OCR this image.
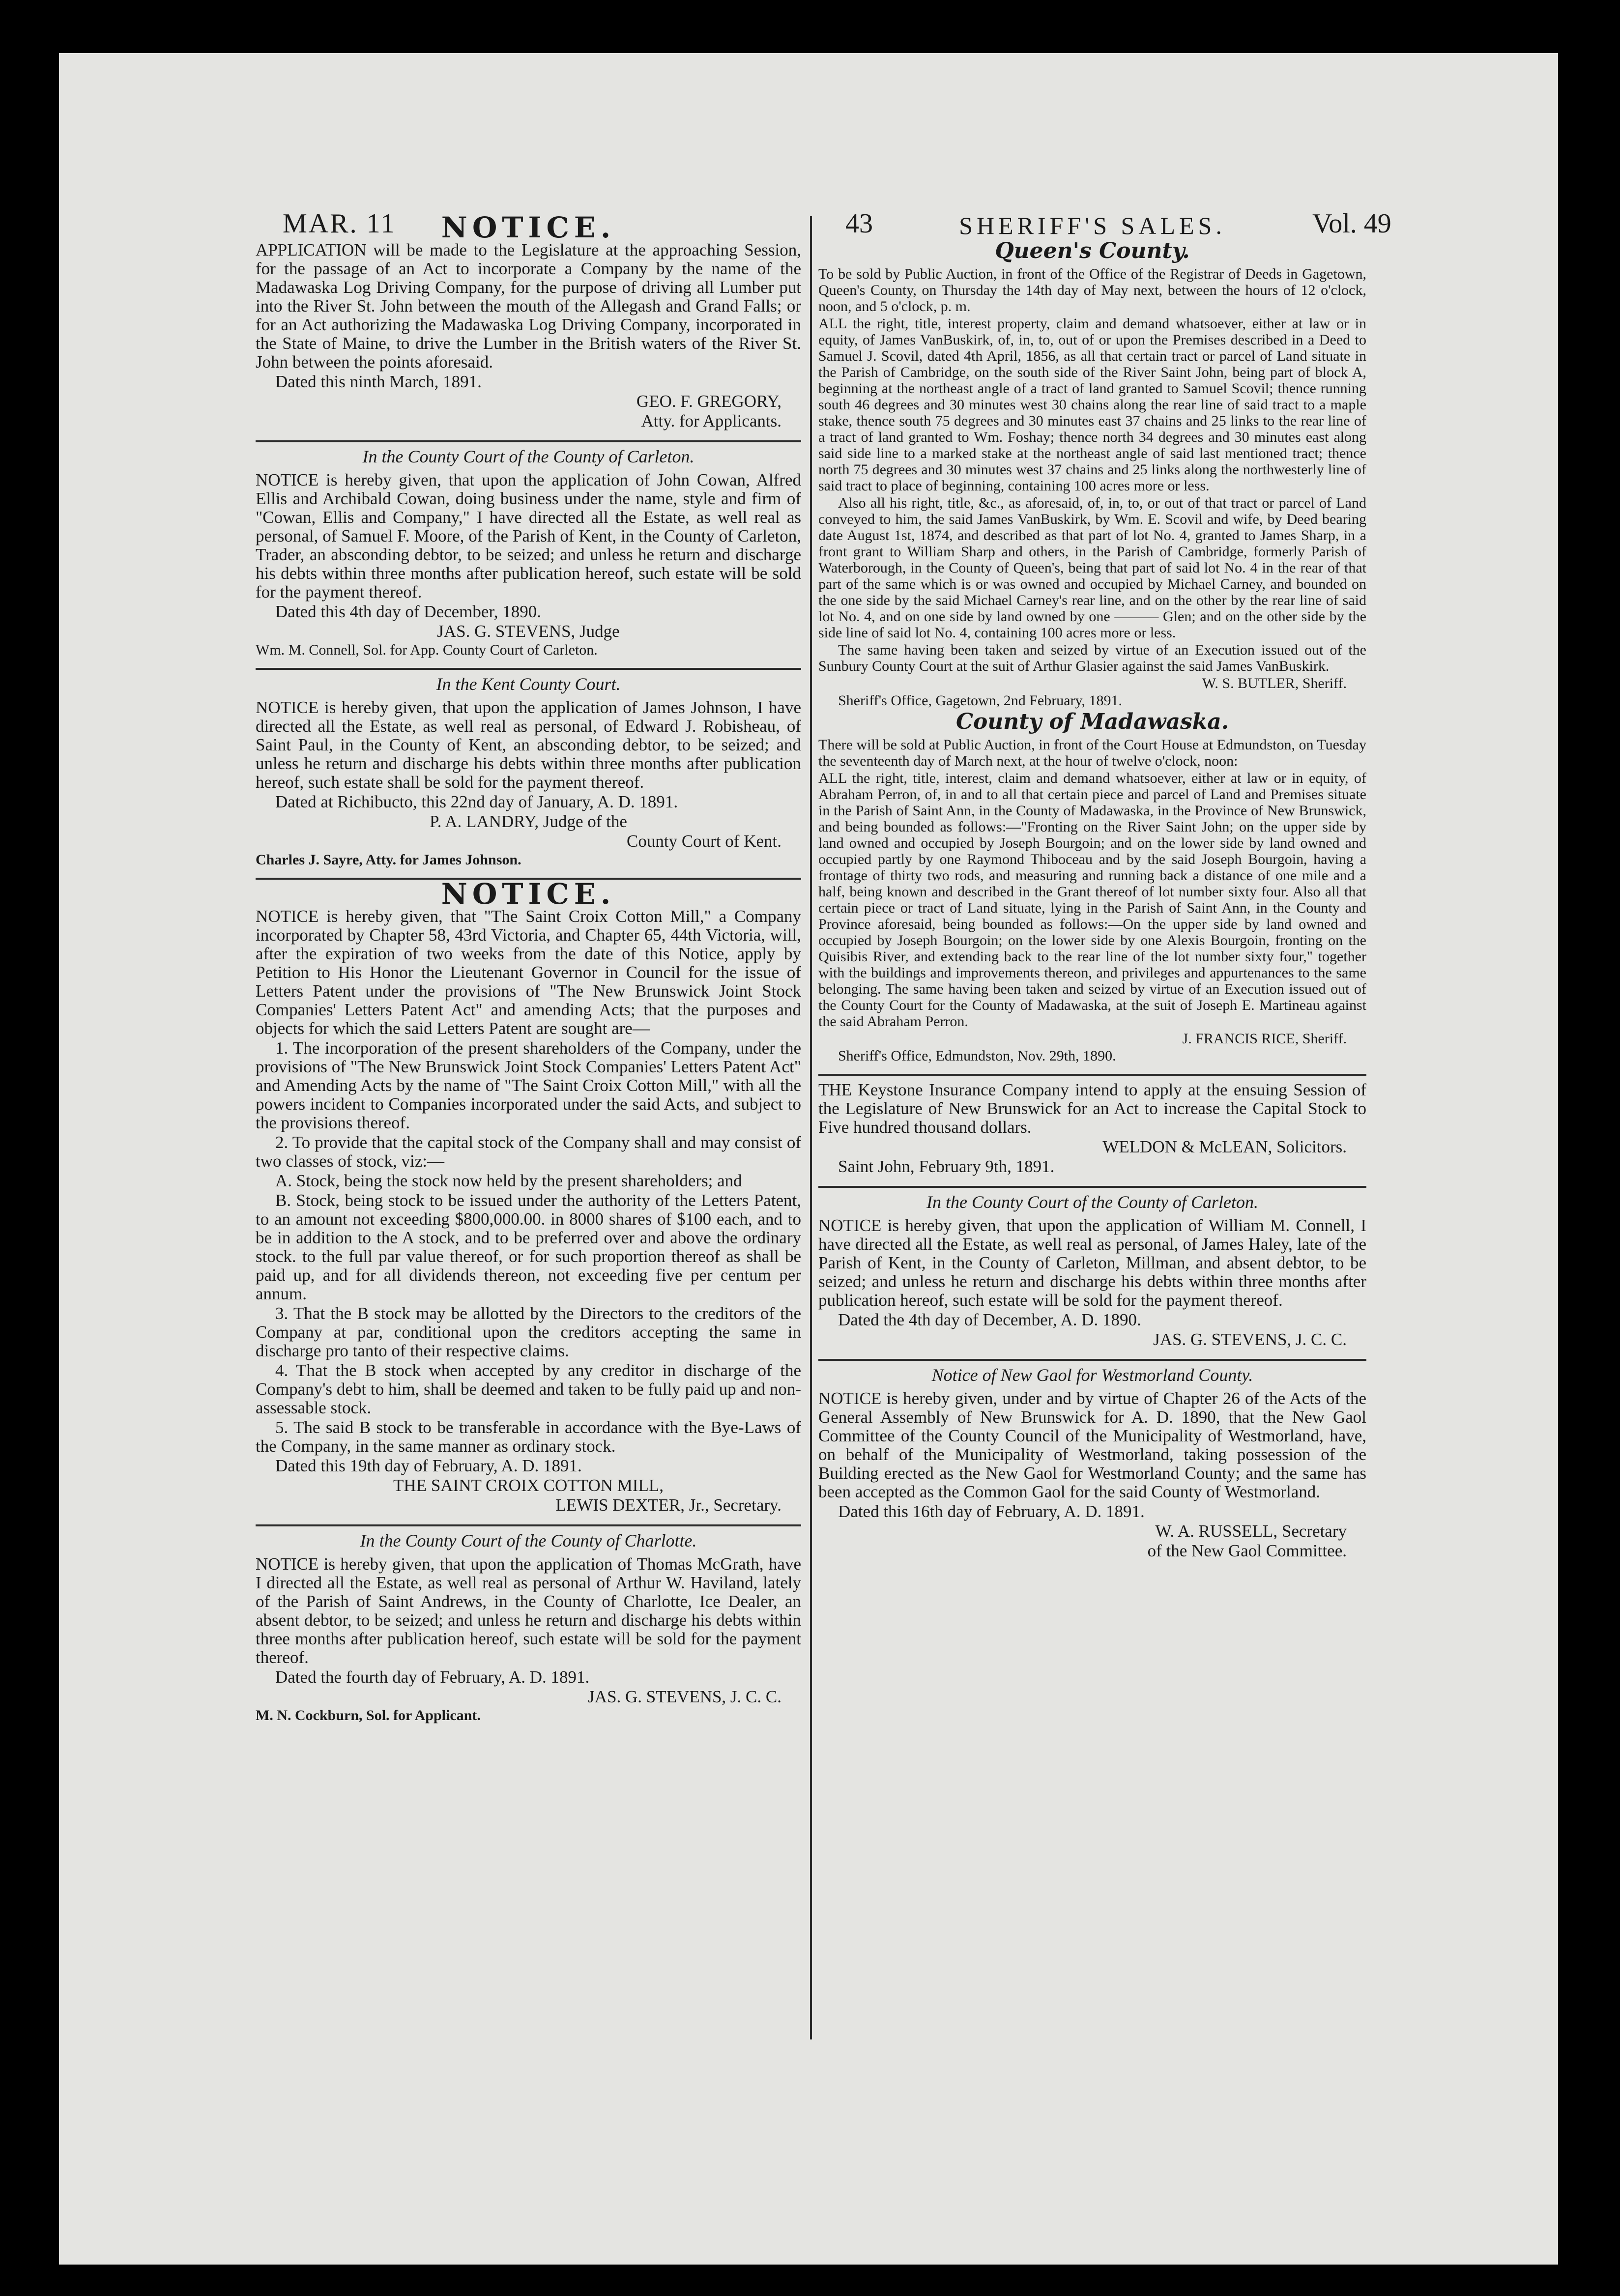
MAR. 11	43	Vol. 49
NOTICE.

APPLICATION will be made to the Legislature at the approaching Session, for the passage of an Act to incorporate a Company by the name of the Madawaska Log Driving Company, for the purpose of driving all Lumber put into the River St. John between the mouth of the Allegash and Grand Falls; or for an Act authorizing the Madawaska Log Driving Company, incorporated in the State of Maine, to drive the Lumber in the British waters of the River St. John between the points aforesaid.

Dated this ninth March, 1891.

GEO. F. GREGORY,

Atty. for Applicants.

In the County Court of the County of Carleton.

NOTICE is hereby given, that upon the application of John Cowan, Alfred Ellis and Archibald Cowan, doing business under the name, style and firm of "Cowan, Ellis and Company," I have directed all the Estate, as well real as personal, of Samuel F. Moore, of the Parish of Kent, in the County of Carleton, Trader, an absconding debtor, to be seized; and unless he return and discharge his debts within three months after publication hereof, such estate will be sold for the payment thereof.

Dated this 4th day of December, 1890.

JAS. G. STEVENS, Judge

Wm. M. Connell, Sol. for App. County Court of Carleton.

In the Kent County Court.

NOTICE is hereby given, that upon the application of James Johnson, I have directed all the Estate, as well real as personal, of Edward J. Robisheau, of Saint Paul, in the County of Kent, an absconding debtor, to be seized; and unless he return and discharge his debts within three months after publication hereof, such estate shall be sold for the payment thereof.

Dated at Richibucto, this 22nd day of January, A. D. 1891.

P. A. LANDRY, Judge of the

County Court of Kent.

Charles J. Sayre, Atty. for James Johnson.

NOTICE.

NOTICE is hereby given, that "The Saint Croix Cotton Mill," a Company incorporated by Chapter 58, 43rd Victoria, and Chapter 65, 44th Victoria, will, after the expiration of two weeks from the date of this Notice, apply by Petition to His Honor the Lieutenant Governor in Council for the issue of Letters Patent under the provisions of "The New Brunswick Joint Stock Companies' Letters Patent Act" and amending Acts; that the purposes and objects for which the said Letters Patent are sought are—

1. The incorporation of the present shareholders of the Company, under the provisions of "The New Brunswick Joint Stock Companies' Letters Patent Act" and Amending Acts by the name of "The Saint Croix Cotton Mill," with all the powers incident to Companies incorporated under the said Acts, and subject to the provisions thereof.

2. To provide that the capital stock of the Company shall and may consist of two classes of stock, viz:—

A. Stock, being the stock now held by the present shareholders; and

B. Stock, being stock to be issued under the authority of the Letters Patent, to an amount not exceeding $800,000.00. in 8000 shares of $100 each, and to be in addition to the A stock, and to be preferred over and above the ordinary stock. to the full par value thereof, or for such proportion thereof as shall be paid up, and for all dividends thereon, not exceeding five per centum per annum.

3. That the B stock may be allotted by the Directors to the creditors of the Company at par, conditional upon the creditors accepting the same in discharge pro tanto of their respective claims.

4. That the B stock when accepted by any creditor in discharge of the Company's debt to him, shall be deemed and taken to be fully paid up and non-assessable stock.

5. The said B stock to be transferable in accordance with the Bye-Laws of the Company, in the same manner as ordinary stock.

Dated this 19th day of February, A. D. 1891.

THE SAINT CROIX COTTON MILL,

LEWIS DEXTER, Jr., Secretary.

In the County Court of the County of Charlotte.

NOTICE is hereby given, that upon the application of Thomas McGrath, have I directed all the Estate, as well real as personal of Arthur W. Haviland, lately of the Parish of Saint Andrews, in the County of Charlotte, Ice Dealer, an absent debtor, to be seized; and unless he return and discharge his debts within three months after publication hereof, such estate will be sold for the payment thereof.

Dated the fourth day of February, A. D. 1891.

JAS. G. STEVENS, J. C. C.

M. N. Cockburn, Sol. for Applicant.

SHERIFF'S SALES.
Queen's County.

To be sold by Public Auction, in front of the Office of the Registrar of Deeds in Gagetown, Queen's County, on Thursday the 14th day of May next, between the hours of 12 o'clock, noon, and 5 o'clock, p. m.

ALL the right, title, interest property, claim and demand whatsoever, either at law or in equity, of James VanBuskirk, of, in, to, out of or upon the Premises described in a Deed to Samuel J. Scovil, dated 4th April, 1856, as all that certain tract or parcel of Land situate in the Parish of Cambridge, on the south side of the River Saint John, being part of block A, beginning at the northeast angle of a tract of land granted to Samuel Scovil; thence running south 46 degrees and 30 minutes west 30 chains along the rear line of said tract to a maple stake, thence south 75 degrees and 30 minutes east 37 chains and 25 links to the rear line of a tract of land granted to Wm. Foshay; thence north 34 degrees and 30 minutes east along said side line to a marked stake at the northeast angle of said last mentioned tract; thence north 75 degrees and 30 minutes west 37 chains and 25 links along the northwesterly line of said tract to place of beginning, containing 100 acres more or less.

Also all his right, title, &c., as aforesaid, of, in, to, or out of that tract or parcel of Land conveyed to him, the said James VanBuskirk, by Wm. E. Scovil and wife, by Deed bearing date August 1st, 1874, and described as that part of lot No. 4, granted to James Sharp, in a front grant to William Sharp and others, in the Parish of Cambridge, formerly Parish of Waterborough, in the County of Queen's, being that part of said lot No. 4 in the rear of that part of the same which is or was owned and occupied by Michael Carney, and bounded on the one side by the said Michael Carney's rear line, and on the other by the rear line of said lot No. 4, and on one side by land owned by one ——— Glen; and on the other side by the side line of said lot No. 4, containing 100 acres more or less.

The same having been taken and seized by virtue of an Execution issued out of the Sunbury County Court at the suit of Arthur Glasier against the said James VanBuskirk.

W. S. BUTLER, Sheriff.

Sheriff's Office, Gagetown, 2nd February, 1891.

County of Madawaska.

There will be sold at Public Auction, in front of the Court House at Edmundston, on Tuesday the seventeenth day of March next, at the hour of twelve o'clock, noon:

ALL the right, title, interest, claim and demand whatsoever, either at law or in equity, of Abraham Perron, of, in and to all that certain piece and parcel of Land and Premises situate in the Parish of Saint Ann, in the County of Madawaska, in the Province of New Brunswick, and being bounded as follows:—"Fronting on the River Saint John; on the upper side by land owned and occupied by Joseph Bourgoin; and on the lower side by land owned and occupied partly by one Raymond Thiboceau and by the said Joseph Bourgoin, having a frontage of thirty two rods, and measuring and running back a distance of one mile and a half, being known and described in the Grant thereof of lot number sixty four. Also all that certain piece or tract of Land situate, lying in the Parish of Saint Ann, in the County and Province aforesaid, being bounded as follows:—On the upper side by land owned and occupied by Joseph Bourgoin; on the lower side by one Alexis Bourgoin, fronting on the Quisibis River, and extending back to the rear line of the lot number sixty four," together with the buildings and improvements thereon, and privileges and appurtenances to the same belonging. The same having been taken and seized by virtue of an Execution issued out of the County Court for the County of Madawaska, at the suit of Joseph E. Martineau against the said Abraham Perron.

J. FRANCIS RICE, Sheriff.

Sheriff's Office, Edmundston, Nov. 29th, 1890.

THE Keystone Insurance Company intend to apply at the ensuing Session of the Legislature of New Brunswick for an Act to increase the Capital Stock to Five hundred thousand dollars.

WELDON & McLEAN, Solicitors.

Saint John, February 9th, 1891.

In the County Court of the County of Carleton.

NOTICE is hereby given, that upon the application of William M. Connell, I have directed all the Estate, as well real as personal, of James Haley, late of the Parish of Kent, in the County of Carleton, Millman, and absent debtor, to be seized; and unless he return and discharge his debts within three months after publication hereof, such estate will be sold for the payment thereof.

Dated the 4th day of December, A. D. 1890.

JAS. G. STEVENS, J. C. C.

Notice of New Gaol for Westmorland County.

NOTICE is hereby given, under and by virtue of Chapter 26 of the Acts of the General Assembly of New Brunswick for A. D. 1890, that the New Gaol Committee of the County Council of the Municipality of Westmorland, have, on behalf of the Municipality of Westmorland, taking possession of the Building erected as the New Gaol for Westmorland County; and the same has been accepted as the Common Gaol for the said County of Westmorland.

Dated this 16th day of February, A. D. 1891.

W. A. RUSSELL, Secretary

of the New Gaol Committee.
